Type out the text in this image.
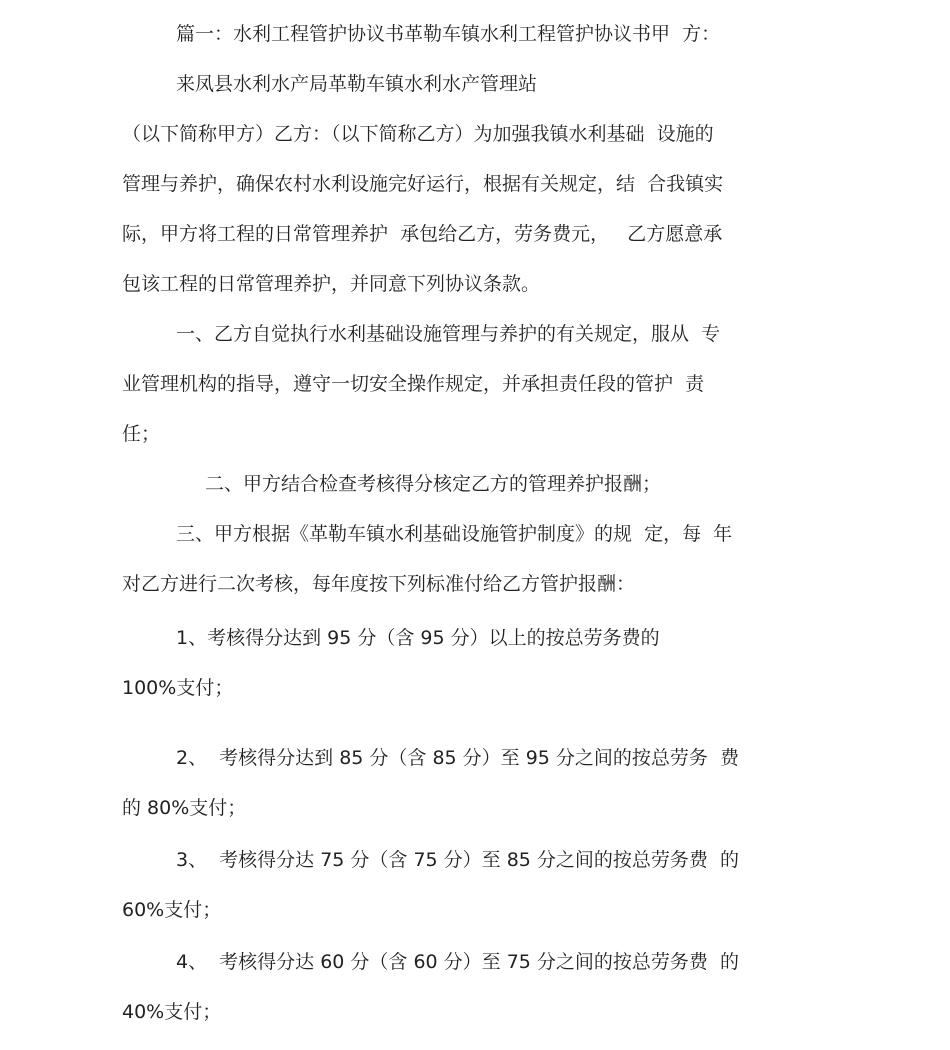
篇一：水利工程管护协议书革勒车镇水利工程管护协议书甲  方：
来凤县水利水产局革勒车镇水利水产管理站
（以下简称甲方）乙方：（以下简称乙方）为加强我镇水利基础  设施的
管理与养护，确保农村水利设施完好运行，根据有关规定，结  合我镇实
际，甲方将工程的日常管理养护  承包给乙方，劳务费元，   乙方愿意承
包该工程的日常管理养护，并同意下列协议条款。
一、乙方自觉执行水利基础设施管理与养护的有关规定，服从  专
业管理机构的指导，遵守一切安全操作规定，并承担责任段的管护  责
任；
二、甲方结合检查考核得分核定乙方的管理养护报酬；
三、甲方根据《革勒车镇水利基础设施管护制度》的规  定，每  年
对乙方进行二次考核，每年度按下列标准付给乙方管护报酬：
1、考核得分达到 95 分（含 95 分）以上的按总劳务费的
100%支付；
2、  考核得分达到 85 分（含 85 分）至 95 分之间的按总劳务  费
的 80%支付；
3、  考核得分达 75 分（含 75 分）至 85 分之间的按总劳务费  的
60%支付；
4、  考核得分达 60 分（含 60 分）至 75 分之间的按总劳务费  的
40%支付；
